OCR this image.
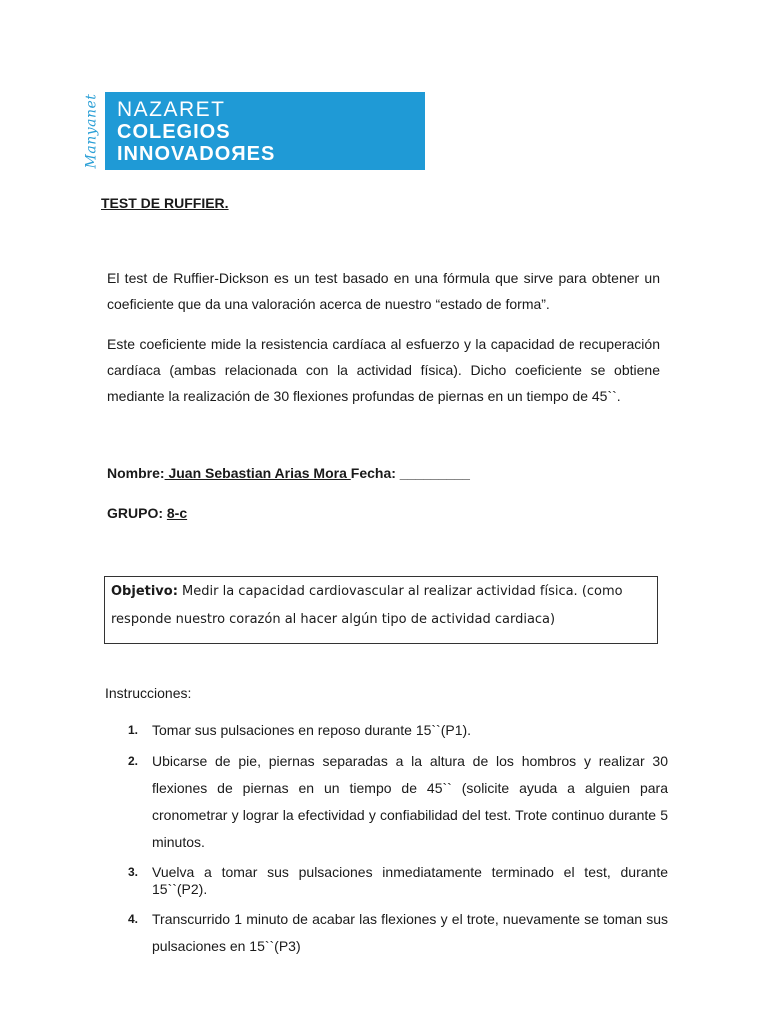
Manyanet NAZARET
COLEGIOS
INNOVADOЯES
TEST DE RUFFIER.

El test de Ruffier-Dickson es un test basado en una fórmula que sirve para obtener un coeficiente que da una valoración acerca de nuestro “estado de forma”.

Este coeficiente mide la resistencia cardíaca al esfuerzo y la capacidad de recuperación cardíaca (ambas relacionada con la actividad física). Dicho coeficiente se obtiene mediante la realización de 30 flexiones profundas de piernas en un tiempo de 45``.

Nombre: Juan Sebastian Arias Mora Fecha: _________
GRUPO: 8-c
Objetivo: Medir la capacidad cardiovascular al realizar actividad física. (como responde nuestro corazón al hacer algún tipo de actividad cardiaca)
Instrucciones:
1. Tomar sus pulsaciones en reposo durante 15``(P1).
2. Ubicarse de pie, piernas separadas a la altura de los hombros y realizar 30 flexiones de piernas en un tiempo de 45`` (solicite ayuda a alguien para cronometrar y lograr la efectividad y confiabilidad del test. Trote continuo durante 5 minutos.
3. Vuelva a tomar sus pulsaciones inmediatamente terminado el test, durante 15``(P2).
4. Transcurrido 1 minuto de acabar las flexiones y el trote, nuevamente se toman sus pulsaciones en 15``(P3)
